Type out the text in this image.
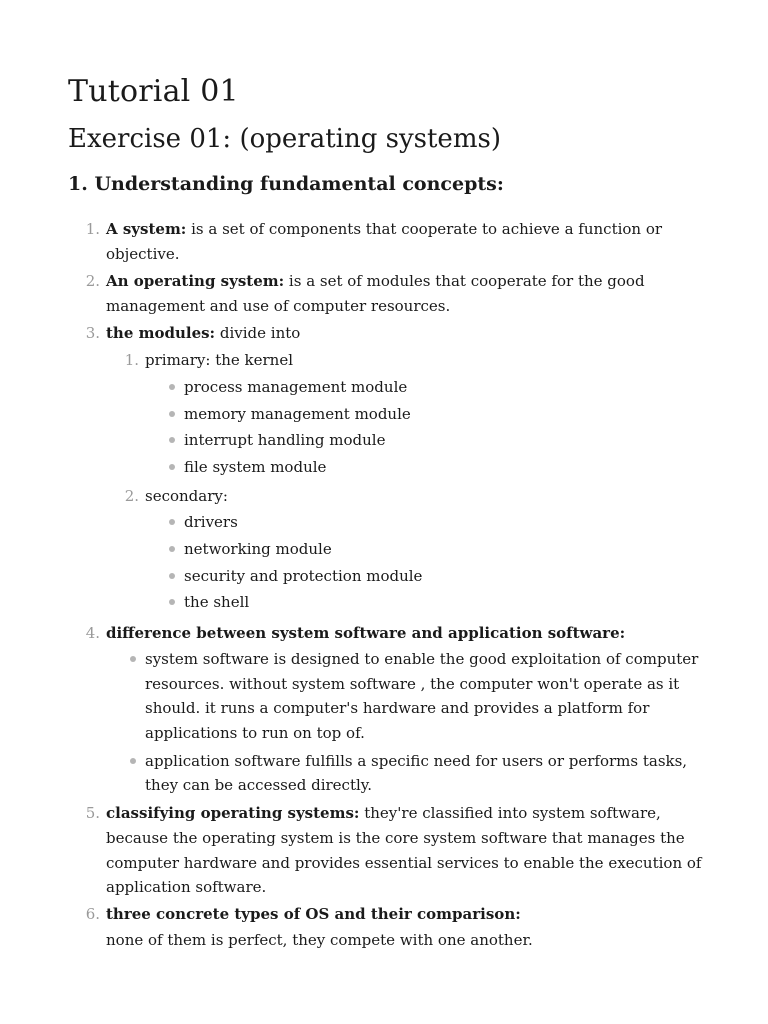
Tutorial 01
Exercise 01: (operating systems)
1. Understanding fundamental concepts:
1. A system: is a set of components that cooperate to achieve a function or
objective.
2. An operating system: is a set of modules that cooperate for the good
management and use of computer resources.
3. the modules: divide into
1. primary: the kernel
process management module
memory management module
interrupt handling module
file system module
2. secondary:
drivers
networking module
security and protection module
the shell
4. difference between system software and application software:
system software is designed to enable the good exploitation of computer
resources. without system software , the computer won't operate as it
should. it runs a computer's hardware and provides a platform for
applications to run on top of.
application software fulfills a specific need for users or performs tasks,
they can be accessed directly.
5. classifying operating systems: they're classified into system software,
because the operating system is the core system software that manages the
computer hardware and provides essential services to enable the execution of
application software.
6. three concrete types of OS and their comparison:
none of them is perfect, they compete with one another.
